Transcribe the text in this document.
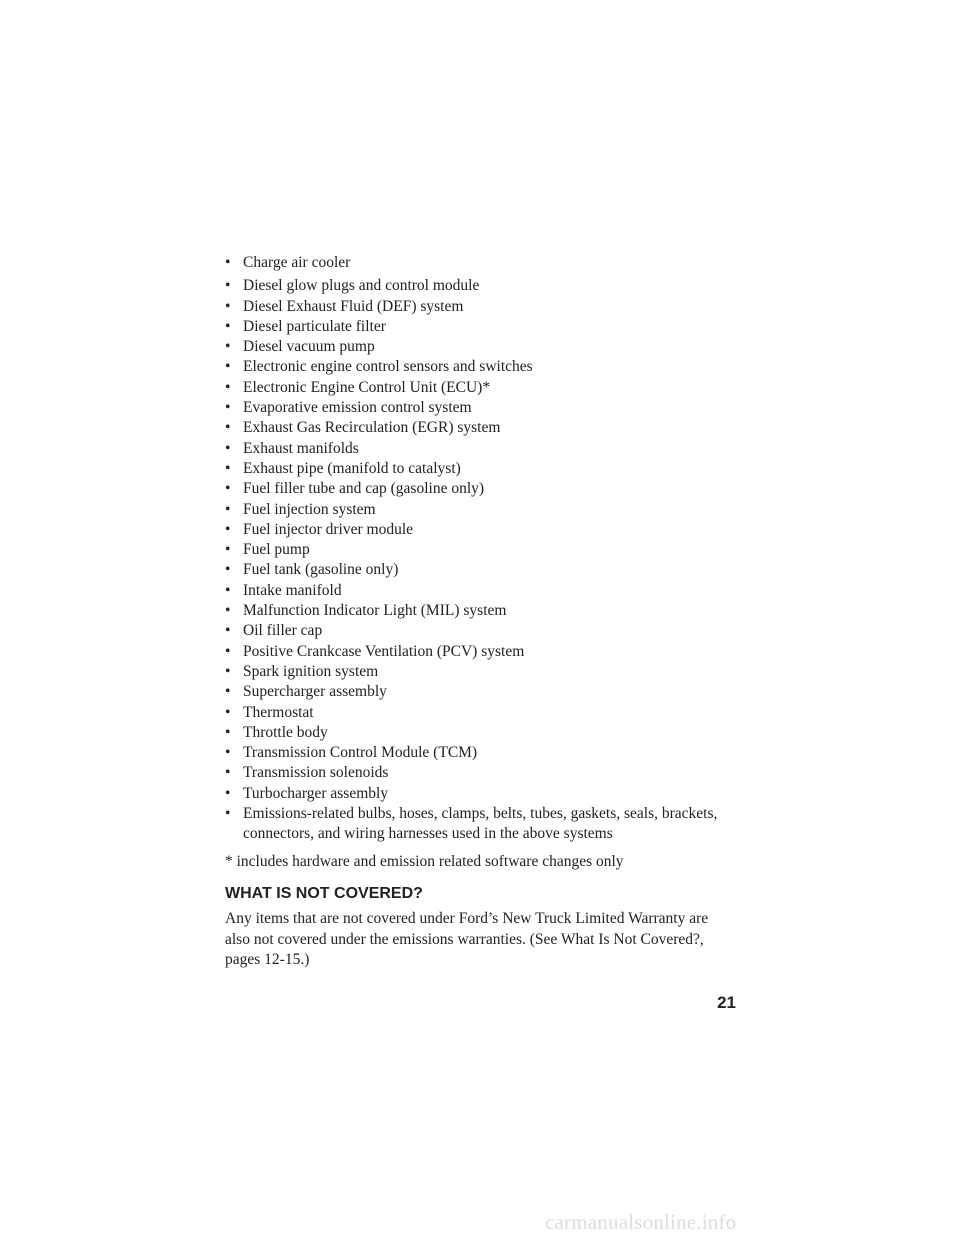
• Charge air cooler
• Diesel glow plugs and control module
• Diesel Exhaust Fluid (DEF) system
• Diesel particulate filter
• Diesel vacuum pump
• Electronic engine control sensors and switches
• Electronic Engine Control Unit (ECU)*
• Evaporative emission control system
• Exhaust Gas Recirculation (EGR) system
• Exhaust manifolds
• Exhaust pipe (manifold to catalyst)
• Fuel filler tube and cap (gasoline only)
• Fuel injection system
• Fuel injector driver module
• Fuel pump
• Fuel tank (gasoline only)
• Intake manifold
• Malfunction Indicator Light (MIL) system
• Oil filler cap
• Positive Crankcase Ventilation (PCV) system
• Spark ignition system
• Supercharger assembly
• Thermostat
• Throttle body
• Transmission Control Module (TCM)
• Transmission solenoids
• Turbocharger assembly
• Emissions-related bulbs, hoses, clamps, belts, tubes, gaskets, seals, brackets, connectors, and wiring harnesses used in the above systems

* includes hardware and emission related software changes only

WHAT IS NOT COVERED?

Any items that are not covered under Ford’s New Truck Limited Warranty are also not covered under the emissions warranties. (See What Is Not Covered?, pages 12-15.)

21

carmanualsonline.info
